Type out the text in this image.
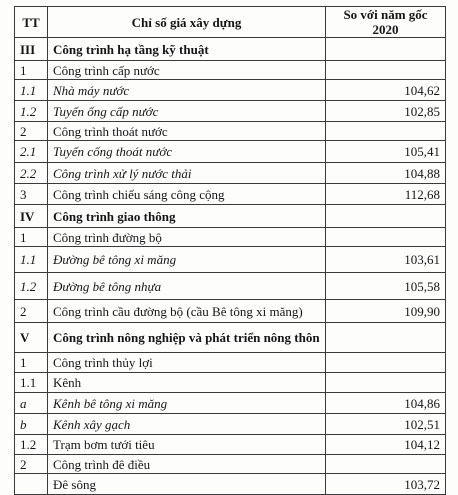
TT	Chỉ số giá xây dựng	So với năm gốc 2020
III	Công trình hạ tầng kỹ thuật	
1	Công trình cấp nước	
1.1	Nhà máy nước	104,62
1.2	Tuyến ống cấp nước	102,85
2	Công trình thoát nước	
2.1	Tuyến cống thoát nước	105,41
2.2	Công trình xử lý nước thải	104,88
3	Công trình chiếu sáng công cộng	112,68
IV	Công trình giao thông	
1	Công trình đường bộ	
1.1	Đường bê tông xi măng	103,61
1.2	Đường bê tông nhựa	105,58
2	Công trình cầu đường bộ (cầu Bê tông xi măng)	109,90
V	Công trình nông nghiệp và phát triển nông thôn	
1	Công trình thủy lợi	
1.1	Kênh	
a	Kênh bê tông xi măng	104,86
b	Kênh xây gạch	102,51
1.2	Trạm bơm tưới tiêu	104,12
2	Công trình đê điều	
	Đê sông	103,72
